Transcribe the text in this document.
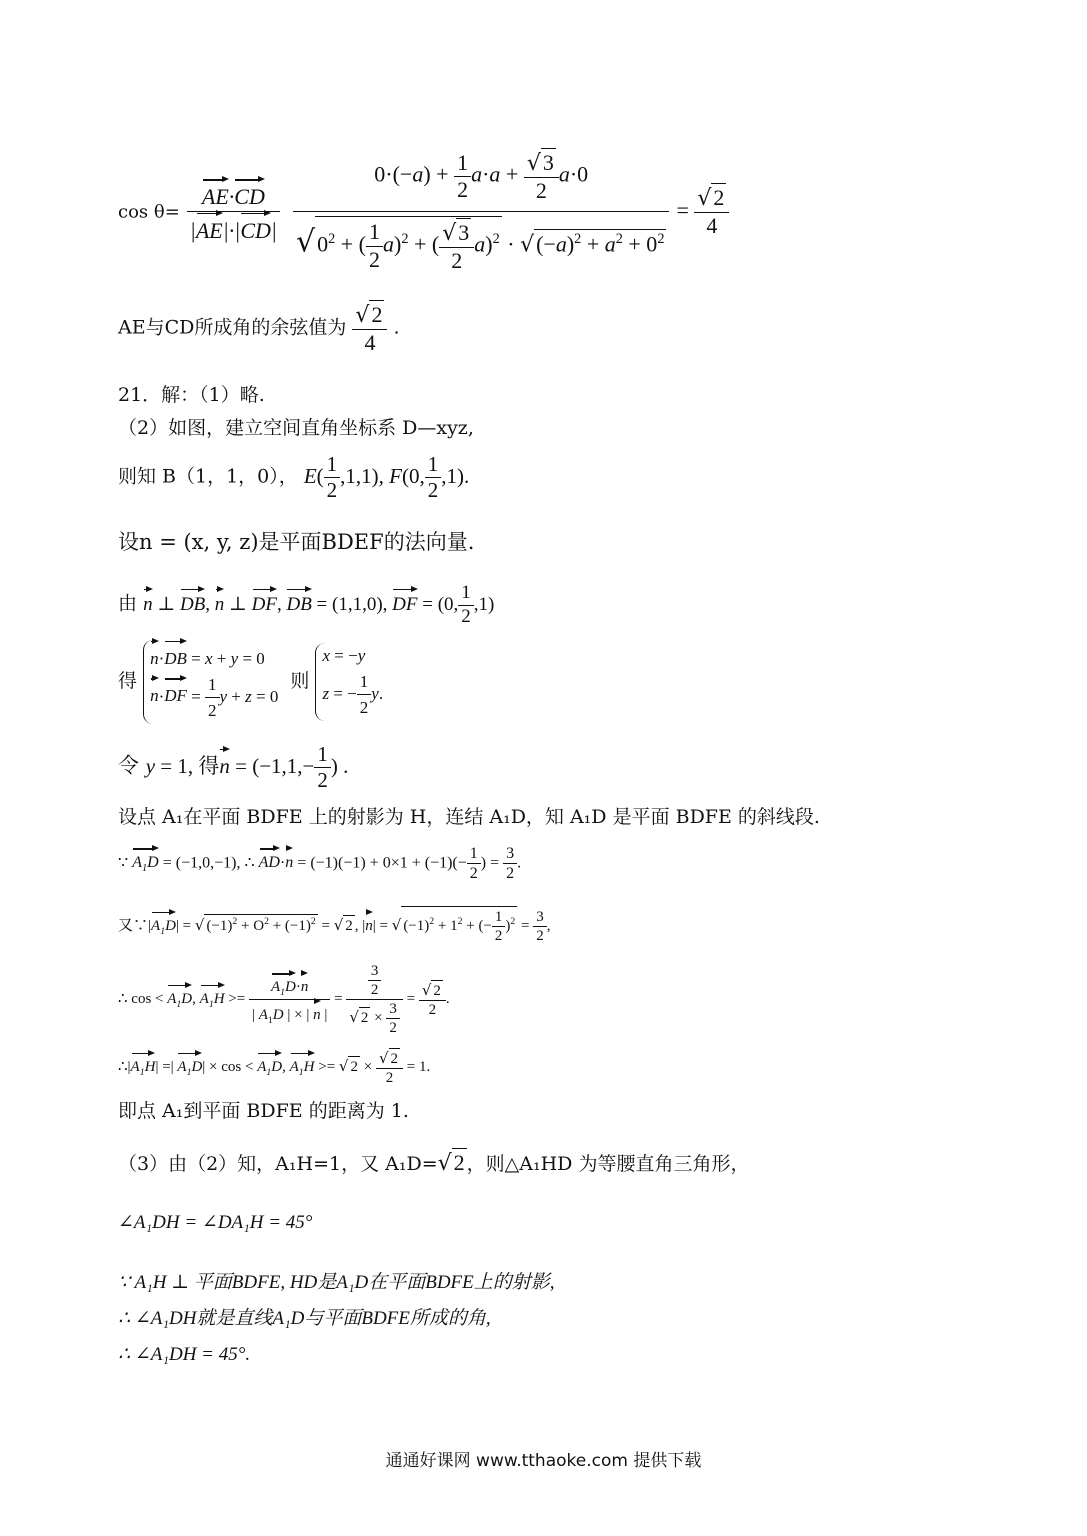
$\cos \theta= \frac{AE\cdot CD}{|AE|\cdot|CD|}$
$\frac{0\cdot(-a) + \frac{1}{2} a\cdot a + \frac{√3}{2} a\cdot 0}{√0^2 + ( \frac{1}{2} a)^2 + ( \frac{√3}{2} a)^2 \cdot √(-a)^2 + a^2 + 0^2} = \frac{√2}{4}$
AE与CD所成角的余弦值为 $\frac{√2}{4}$ .
21．解：（1）略.
（2）如图，建立空间直角坐标系 D—xyz,
则知 B（1，1，0）， $E( \frac{1}{2} ,1,1)$, F(0, $\frac{1}{2} ,1$).
设n = (x, y, z)是平面BDEF的法向量.
由 n ⊥ DB, n ⊥ DF, DB = (1,1,0), DF = (0, $\frac{1}{2} ,1$)
得
n·DB = x + y = 0
$n\cdot DF = \frac{1}{2}$ y + z = 0
则
x = −y
z = − $\frac{1}{2} y$.
令 y = 1, 得$n = (-1,1,- \frac{1}{2}$ ) .
设点 A₁在平面 BDFE 上的射影为 H，连结 A₁D，知 A₁D 是平面 BDFE 的斜线段.
∵ $A_1D = (-1,0,-1)$, ∴ $AD\cdot n = (-1)(-1) + 0\times 1 + (-1)(- \frac{1}{2}$ ) = $\frac{3}{2}$ .
又$\because|A_1D|$ = √ $(-1)^2 + O^2 + (-1)^2$ = √ 2 , |n| = √ $(-1)^2 + 1^2$ + (− $\frac{1}{2} )^2 = \frac{3}{2}$ ,
∴ $\cos < A_1D$, $A_1H >= \frac{A_1D\cdot n}{| A_1D | \times | n |} = \frac{\frac{3}{2}}{√ 2 \times \frac{3}{2}} = \frac{√ 2}{2}$ .
$\therefore|A_1H|$ =| $A_1D| \times \cos < A_1D$, $A_1H$ >= √ $2 \times \frac{√ 2}{2} = 1$.
即点 A₁到平面 BDFE 的距离为 1.
（3）由（2）知，A₁H=1，又 A₁D=√2 ，则△A₁HD 为等腰直角三角形，
∠A₁DH = ∠DA₁H = 45°
∵ A₁H ⊥ 平面BDFE, HD是A₁D在平面BDFE上的射影,
∴ ∠A₁DH就是直线A₁D与平面BDFE所成的角,
∴ ∠A₁DH = 45°.
通通好课网 www.tthaoke.com 提供下载
